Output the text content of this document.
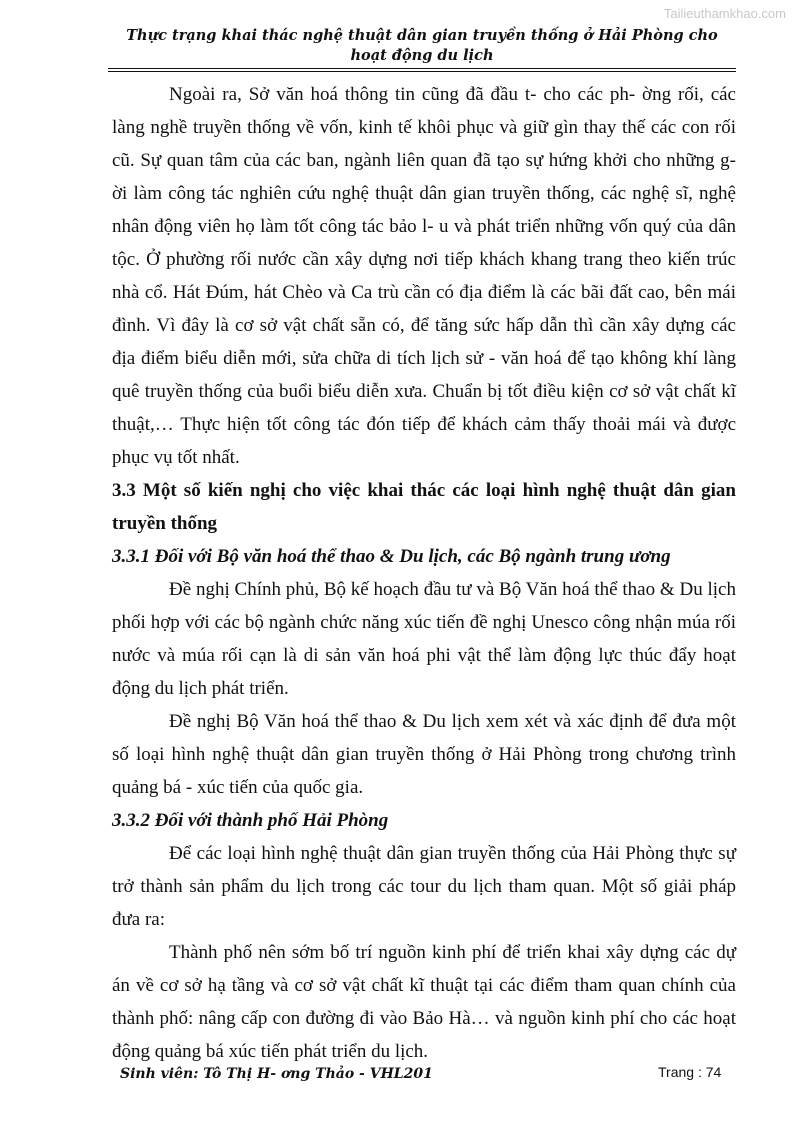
Tailieuthamkhao.com
Thực trạng khai thác nghệ thuật dân gian truyền thống ở Hải Phòng cho
hoạt động du lịch

Ngoài ra, Sở văn hoá thông tin cũng đã đầu t- cho các ph- ờng rối, các làng nghề truyền thống về vốn, kinh tế khôi phục và giữ gìn thay thế các con rối cũ. Sự quan tâm của các ban, ngành liên quan đã tạo sự hứng khởi cho những g- ời làm công tác nghiên cứu nghệ thuật dân gian truyền thống, các nghệ sĩ, nghệ nhân động viên họ làm tốt công tác bảo l- u và phát triển những vốn quý của dân tộc. Ở phường rối nước cần xây dựng nơi tiếp khách khang trang theo kiến trúc nhà cổ. Hát Đúm, hát Chèo và Ca trù cần có địa điểm là các bãi đất cao, bên mái đình. Vì đây là cơ sở vật chất sẵn có, để tăng sức hấp dẫn thì cần xây dựng các địa điểm biểu diễn mới, sửa chữa di tích lịch sử - văn hoá để tạo không khí làng quê truyền thống của buổi biểu diễn xưa. Chuẩn bị tốt điều kiện cơ sở vật chất kĩ thuật,… Thực hiện tốt công tác đón tiếp để khách cảm thấy thoải mái và được phục vụ tốt nhất.

3.3 Một số kiến nghị cho việc khai thác các loại hình nghệ thuật dân gian truyền thống
3.3.1 Đối với Bộ văn hoá thể thao & Du lịch, các Bộ ngành trung ương

Đề nghị Chính phủ, Bộ kế hoạch đầu tư và Bộ Văn hoá thể thao & Du lịch phối hợp với các bộ ngành chức năng xúc tiến đề nghị Unesco công nhận múa rối nước và múa rối cạn là di sản văn hoá phi vật thể làm động lực thúc đẩy hoạt động du lịch phát triển.

Đề nghị Bộ Văn hoá thể thao & Du lịch xem xét và xác định để đưa một số loại hình nghệ thuật dân gian truyền thống ở Hải Phòng trong chương trình quảng bá - xúc tiến của quốc gia.

3.3.2 Đối với thành phố Hải Phòng

Để các loại hình nghệ thuật dân gian truyền thống của Hải Phòng thực sự trở thành sản phẩm du lịch trong các tour du lịch tham quan. Một số giải pháp đưa ra:

Thành phố nên sớm bố trí nguồn kinh phí để triển khai xây dựng các dự án về cơ sở hạ tầng và cơ sở vật chất kĩ thuật tại các điểm tham quan chính của thành phố: nâng cấp con đường đi vào Bảo Hà… và nguồn kinh phí cho các hoạt động quảng bá xúc tiến phát triển du lịch.

Sinh viên: Tô Thị H- ơng Thảo - VHL201	Trang : 74
